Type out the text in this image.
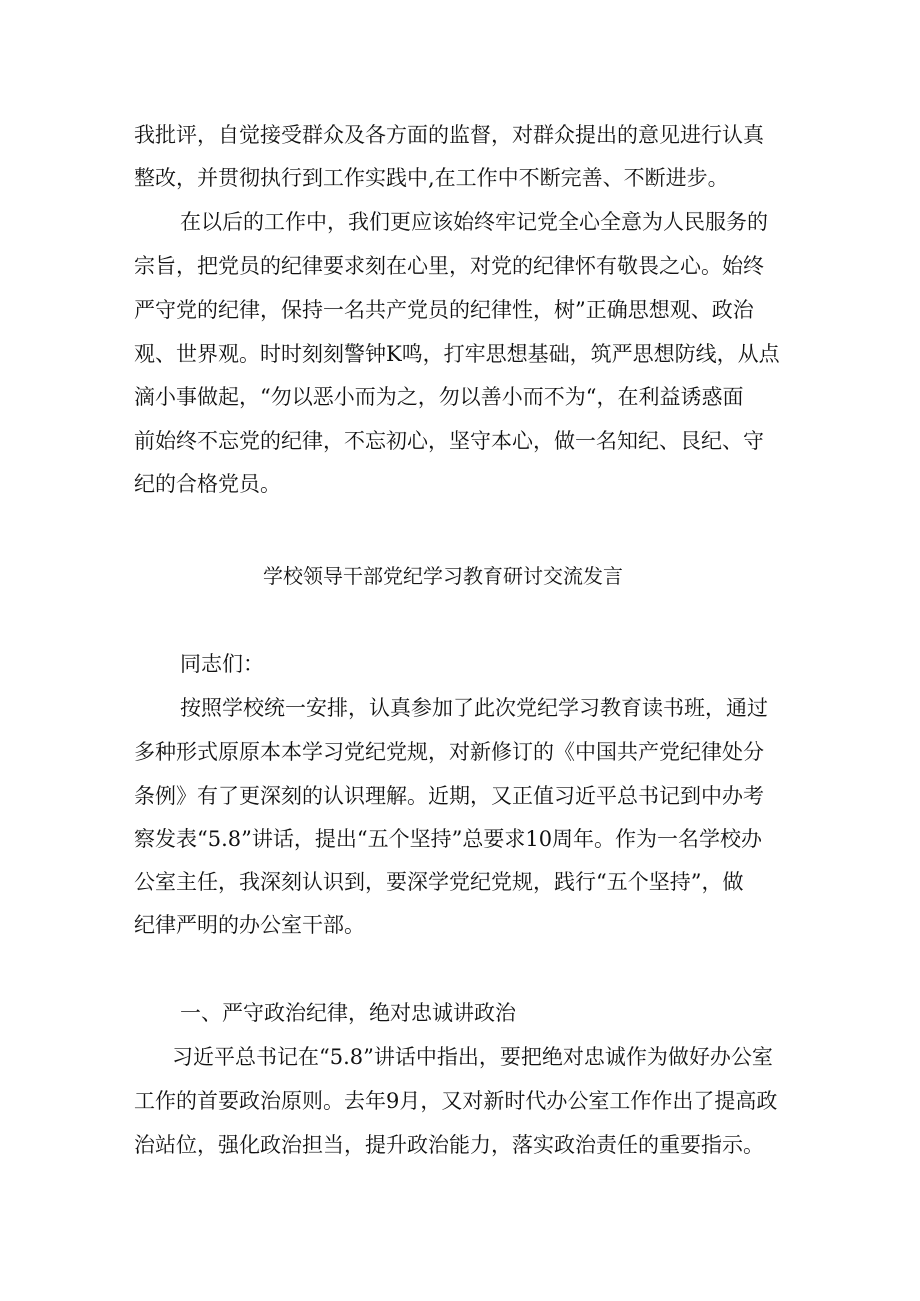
我批评，自觉接受群众及各方面的监督，对群众提出的意见进行认真

整改，并贯彻执行到工作实践中,在工作中不断完善、不断进步。

在以后的工作中，我们更应该始终牢记党全心全意为人民服务的

宗旨，把党员的纪律要求刻在心里，对党的纪律怀有敬畏之心。始终

严守党的纪律，保持一名共产党员的纪律性，树”正确思想观、政治

观、世界观。时时刻刻警钟K鸣，打牢思想基础，筑严思想防线，从点

滴小事做起，“勿以恶小而为之，勿以善小而不为“，在利益诱惑面

前始终不忘党的纪律，不忘初心，坚守本心，做一名知纪、艮纪、守

纪的合格党员。

学校领导干部党纪学习教育研讨交流发言

同志们：

按照学校统一安排，认真参加了此次党纪学习教育读书班，通过

多种形式原原本本学习党纪党规，对新修订的《中国共产党纪律处分

条例》有了更深刻的认识理解。近期，又正值习近平总书记到中办考

察发表“5.8”讲话，提出“五个坚持”总要求10周年。作为一名学校办

公室主任，我深刻认识到，要深学党纪党规，践行“五个坚持”，做

纪律严明的办公室干部。

一、严守政治纪律，绝对忠诚讲政治

习近平总书记在“5.8”讲话中指出，要把绝对忠诚作为做好办公室

工作的首要政治原则。去年9月，又对新时代办公室工作作出了提高政

治站位，强化政治担当，提升政治能力，落实政治责任的重要指示。
